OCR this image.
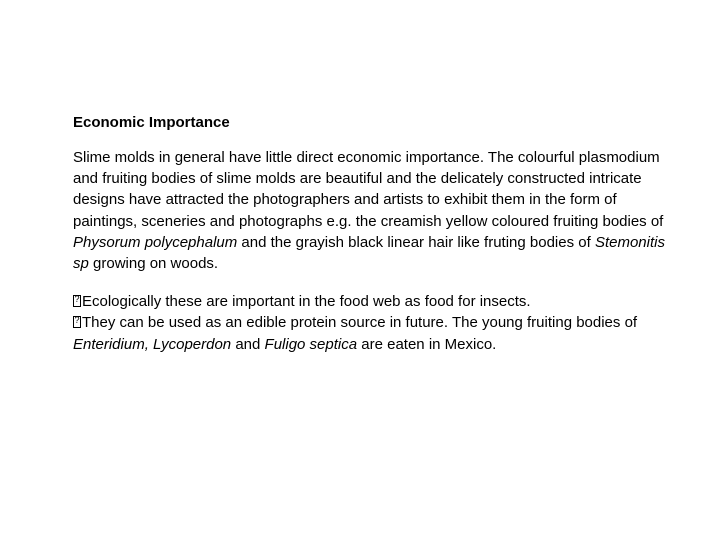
Economic Importance

Slime molds in general have little direct economic importance. The colourful plasmodium and fruiting bodies of slime molds are beautiful and the delicately constructed intricate designs have attracted the photographers and artists to exhibit them in the form of paintings, sceneries and photographs e.g. the creamish yellow coloured fruiting bodies of Physorum polycephalum and the grayish black linear hair like fruting bodies of Stemonitis sp growing on woods.

?Ecologically these are important in the food web as food for insects.

?They can be used as an edible protein source in future. The young fruiting bodies of Enteridium, Lycoperdon and Fuligo septica are eaten in Mexico.
